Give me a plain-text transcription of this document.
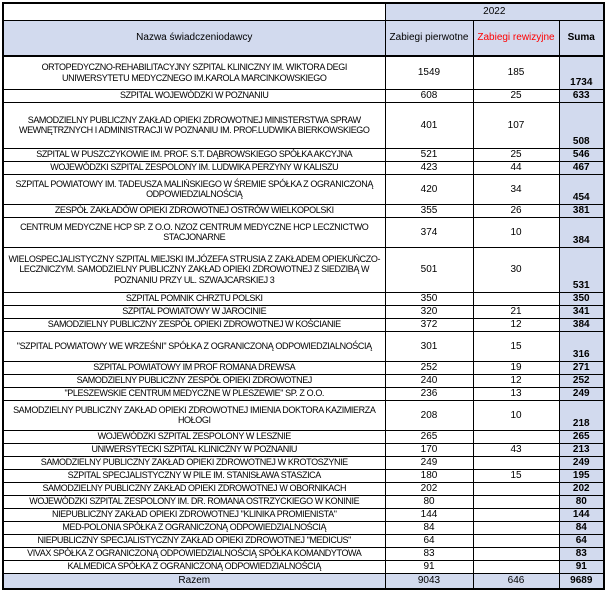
	2022		
Nazwa świadczeniodawcy	Zabiegi pierwotne	Zabiegi rewizyjne	Suma
ORTOPEDYCZNO-REHABILITACYJNY SZPITAL KLINICZNY IM. WIKTORA DEGI UNIWERSYTETU MEDYCZNEGO IM.KAROLA MARCINKOWSKIEGO	1549	185	1734
SZPITAL WOJEWÓDZKI W POZNANIU	608	25	633
SAMODZIELNY PUBLICZNY ZAKŁAD OPIEKI ZDROWOTNEJ MINISTERSTWA SPRAW WEWNĘTRZNYCH I ADMINISTRACJI W POZNANIU IM. PROF.LUDWIKA BIERKOWSKIEGO	401	107	508
SZPITAL W PUSZCZYKOWIE IM. PROF. S.T. DĄBROWSKIEGO SPÓŁKA AKCYJNA	521	25	546
WOJEWÓDZKI SZPITAL ZESPOLONY IM. LUDWIKA PERZYNY W KALISZU	423	44	467
SZPITAL POWIATOWY IM. TADEUSZA MALIŃSKIEGO W ŚREMIE SPÓŁKA Z OGRANICZONĄ ODPOWIEDZIALNOŚCIĄ	420	34	454
ZESPÓŁ ZAKŁADÓW OPIEKI ZDROWOTNEJ OSTRÓW WIELKOPOLSKI	355	26	381
CENTRUM MEDYCZNE HCP SP. Z O.O. NZOZ CENTRUM MEDYCZNE HCP LECZNICTWO STACJONARNE	374	10	384
WIELOSPECJALISTYCZNY SZPITAL MIEJSKI IM.JÓZEFA STRUSIA Z ZAKŁADEM OPIEKUŃCZO-LECZNICZYM. SAMODZIELNY PUBLICZNY ZAKŁAD OPIEKI ZDROWOTNEJ Z SIEDZIBĄ W POZNANIU PRZY UL. SZWAJCARSKIEJ 3	501	30	531
SZPITAL POMNIK CHRZTU POLSKI	350		350
SZPITAL POWIATOWY W JAROCINIE	320	21	341
SAMODZIELNY PUBLICZNY ZESPÓŁ OPIEKI ZDROWOTNEJ W KOŚCIANIE	372	12	384
"SZPITAL POWIATOWY WE WRZEŚNI" SPÓŁKA Z OGRANICZONĄ ODPOWIEDZIALNOŚCIĄ	301	15	316
SZPITAL POWIATOWY IM PROF ROMANA DREWSA	252	19	271
SAMODZIELNY PUBLICZNY ZESPÓŁ OPIEKI ZDROWOTNEJ	240	12	252
"PLESZEWSKIE CENTRUM MEDYCZNE W PLESZEWIE" SP. Z O.O.	236	13	249
SAMODZIELNY PUBLICZNY ZAKŁAD OPIEKI ZDROWOTNEJ IMIENIA DOKTORA KAZIMIERZA HOŁOGI	208	10	218
WOJEWÓDZKI SZPITAL ZESPOLONY W LESZNIE	265		265
UNIWERSYTECKI SZPITAL KLINICZNY W POZNANIU	170	43	213
SAMODZIELNY PUBLICZNY ZAKŁAD OPIEKI ZDROWOTNEJ W KROTOSZYNIE	249		249
SZPITAL SPECJALISTYCZNY W PILE IM. STANISŁAWA STASZICA	180	15	195
SAMODZIELNY PUBLICZNY ZAKŁAD OPIEKI ZDROWOTNEJ W OBORNIKACH	202		202
WOJEWÓDZKI SZPITAL ZESPOLONY IM. DR. ROMANA OSTRZYCKIEGO W KONINIE	80		80
NIEPUBLICZNY ZAKŁAD OPIEKI ZDROWOTNEJ "KLINIKA PROMIENISTA"	144		144
MED-POLONIA SPÓŁKA Z OGRANICZONĄ ODPOWIEDZIALNOŚCIĄ	84		84
NIEPUBLICZNY SPECJALISTYCZNY ZAKŁAD OPIEKI ZDROWOTNEJ "MEDICUS"	64		64
VIVAX SPÓŁKA Z OGRANICZONĄ ODPOWIEDZIALNOŚCIĄ SPÓŁKA KOMANDYTOWA	83		83
KALMEDICA SPÓŁKA Z OGRANICZONĄ ODPOWIEDZIALNOŚCIĄ	91		91
Razem	9043	646	9689
